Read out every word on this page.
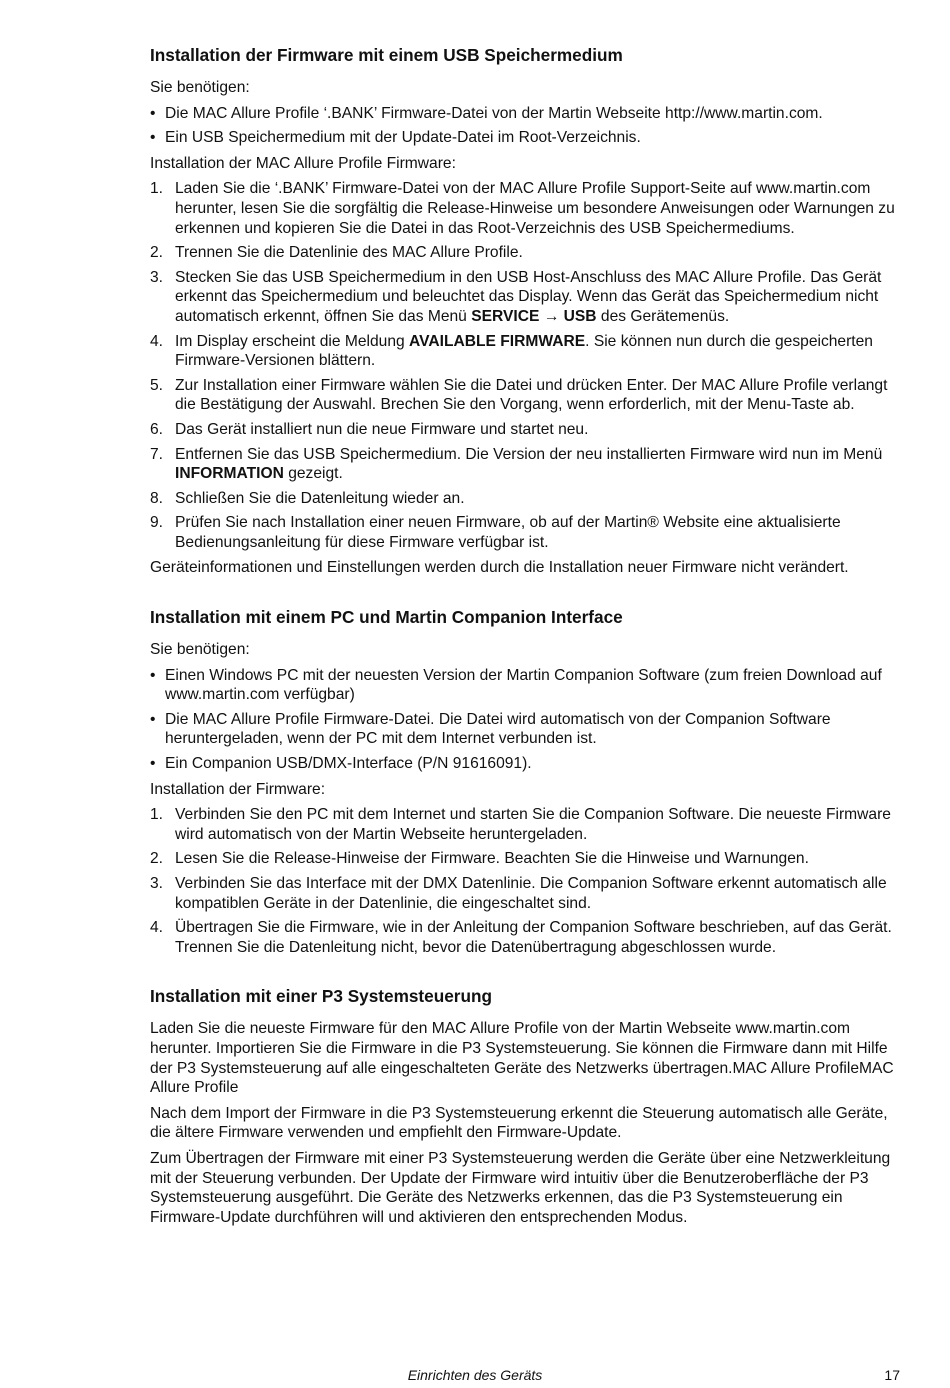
Installation der Firmware mit einem USB Speichermedium

Sie benötigen:

• Die MAC Allure Profile ‘.BANK’ Firmware-Datei von der Martin Webseite http://www.martin.com.
• Ein USB Speichermedium mit der Update-Datei im Root-Verzeichnis.

Installation der MAC Allure Profile Firmware:

1. Laden Sie die ‘.BANK’ Firmware-Datei von der MAC Allure Profile Support-Seite auf www.martin.com herunter, lesen Sie die sorgfältig die Release-Hinweise um besondere Anweisungen oder Warnungen zu erkennen und kopieren Sie die Datei in das Root-Verzeichnis des USB Speichermediums.
2. Trennen Sie die Datenlinie des MAC Allure Profile.
3. Stecken Sie das USB Speichermedium in den USB Host-Anschluss des MAC Allure Profile. Das Gerät erkennt das Speichermedium und beleuchtet das Display. Wenn das Gerät das Speichermedium nicht automatisch erkennt, öffnen Sie das Menü SERVICE → USB des Gerätemenüs.
4. Im Display erscheint die Meldung AVAILABLE FIRMWARE. Sie können nun durch die gespeicherten Firmware-Versionen blättern.
5. Zur Installation einer Firmware wählen Sie die Datei und drücken Enter. Der MAC Allure Profile verlangt die Bestätigung der Auswahl. Brechen Sie den Vorgang, wenn erforderlich, mit der Menu-Taste ab.
6. Das Gerät installiert nun die neue Firmware und startet neu.
7. Entfernen Sie das USB Speichermedium. Die Version der neu installierten Firmware wird nun im Menü INFORMATION gezeigt.
8. Schließen Sie die Datenleitung wieder an.
9. Prüfen Sie nach Installation einer neuen Firmware, ob auf der Martin® Website eine aktualisierte Bedienungsanleitung für diese Firmware verfügbar ist.

Geräteinformationen und Einstellungen werden durch die Installation neuer Firmware nicht verändert.

Installation mit einem PC und Martin Companion Interface

Sie benötigen:

• Einen Windows PC mit der neuesten Version der Martin Companion Software (zum freien Download auf www.martin.com verfügbar)
• Die MAC Allure Profile Firmware-Datei. Die Datei wird automatisch von der Companion Software heruntergeladen, wenn der PC mit dem Internet verbunden ist.
• Ein Companion USB/DMX-Interface (P/N 91616091).

Installation der Firmware:

1. Verbinden Sie den PC mit dem Internet und starten Sie die Companion Software. Die neueste Firmware wird automatisch von der Martin Webseite heruntergeladen.
2. Lesen Sie die Release-Hinweise der Firmware. Beachten Sie die Hinweise und Warnungen.
3. Verbinden Sie das Interface mit der DMX Datenlinie. Die Companion Software erkennt automatisch alle kompatiblen Geräte in der Datenlinie, die eingeschaltet sind.
4. Übertragen Sie die Firmware, wie in der Anleitung der Companion Software beschrieben, auf das Gerät. Trennen Sie die Datenleitung nicht, bevor die Datenübertragung abgeschlossen wurde.
Installation mit einer P3 Systemsteuerung

Laden Sie die neueste Firmware für den MAC Allure Profile von der Martin Webseite www.martin.com herunter. Importieren Sie die Firmware in die P3 Systemsteuerung. Sie können die Firmware dann mit Hilfe der P3 Systemsteuerung auf alle eingeschalteten Geräte des Netzwerks übertragen.MAC Allure ProfileMAC Allure Profile

Nach dem Import der Firmware in die P3 Systemsteuerung erkennt die Steuerung automatisch alle Geräte, die ältere Firmware verwenden und empfiehlt den Firmware-Update.

Zum Übertragen der Firmware mit einer P3 Systemsteuerung werden die Geräte über eine Netzwerkleitung mit der Steuerung verbunden. Der Update der Firmware wird intuitiv über die Benutzeroberfläche der P3 Systemsteuerung ausgeführt. Die Geräte des Netzwerks erkennen, das die P3 Systemsteuerung ein Firmware-Update durchführen will und aktivieren den entsprechenden Modus.

Einrichten des Geräts	17
